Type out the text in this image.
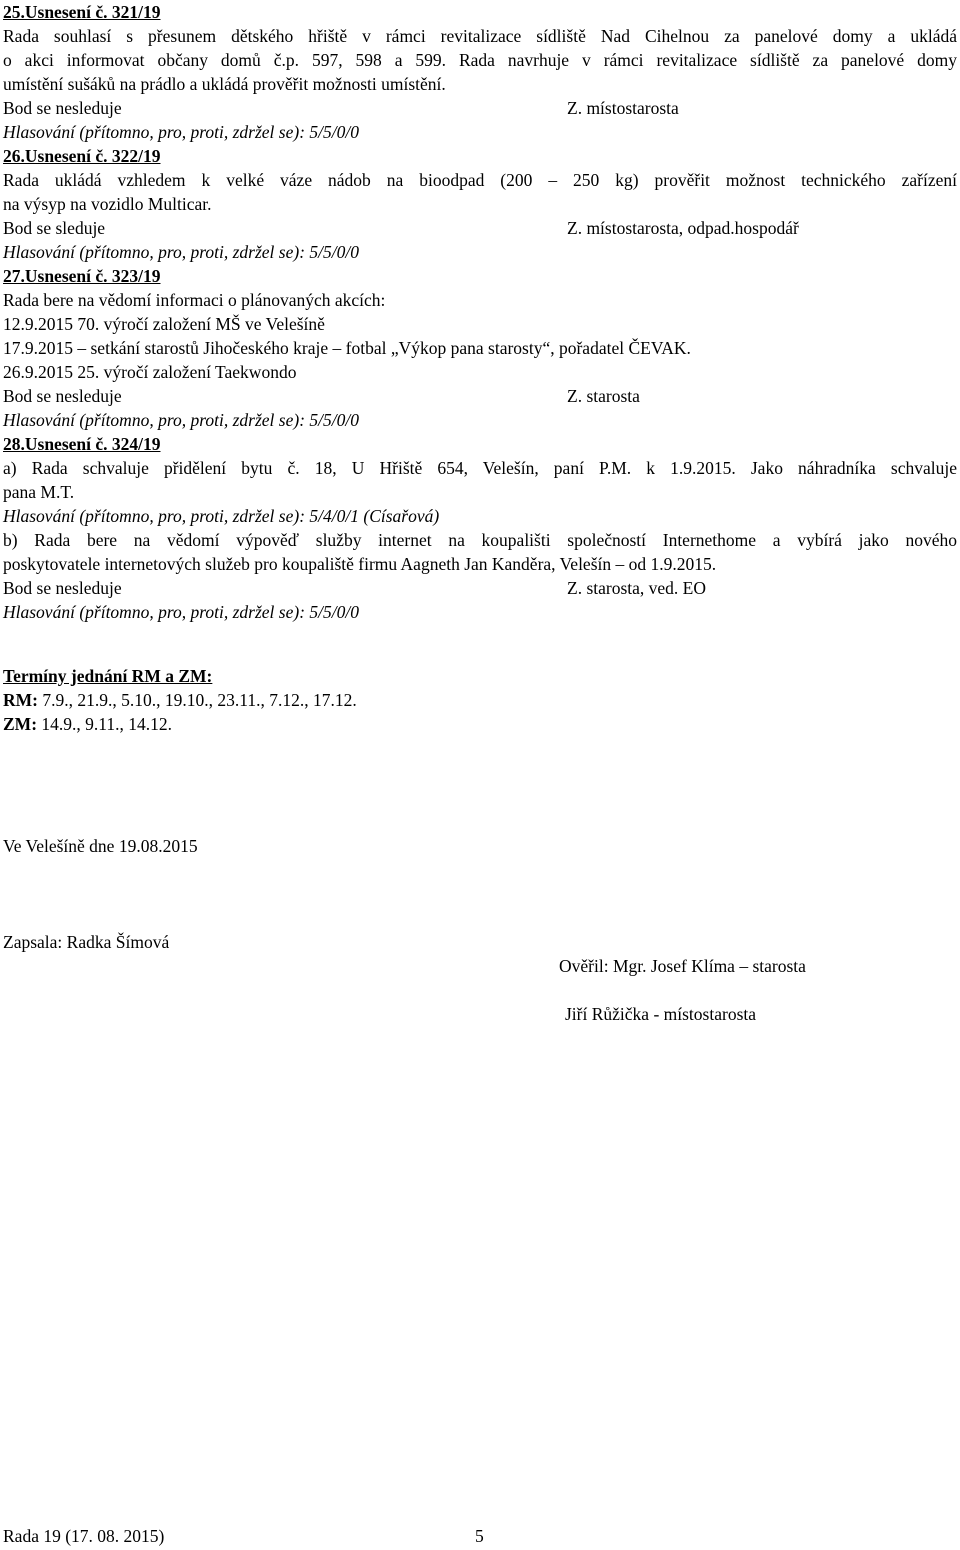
25.Usnesení č. 321/19
Rada souhlasí s přesunem dětského hřiště v rámci revitalizace sídliště Nad Cihelnou za panelové domy a ukládá
o akci informovat občany domů č.p. 597, 598 a 599. Rada navrhuje v rámci revitalizace sídliště za panelové domy
umístění sušáků na prádlo a ukládá prověřit možnosti umístění.
Bod se nesleduje	Z. místostarosta
Hlasování (přítomno, pro, proti, zdržel se): 5/5/0/0
26.Usnesení č. 322/19
Rada ukládá vzhledem k velké váze nádob na bioodpad (200 – 250 kg) prověřit možnost technického zařízení
na výsyp na vozidlo Multicar.
Bod se sleduje	Z. místostarosta, odpad.hospodář
Hlasování (přítomno, pro, proti, zdržel se): 5/5/0/0
27.Usnesení č. 323/19
Rada bere na vědomí informaci o plánovaných akcích:
12.9.2015 70. výročí založení MŠ ve Velešíně
17.9.2015 – setkání starostů Jihočeského kraje – fotbal „Výkop pana starosty“, pořadatel ČEVAK.
26.9.2015 25. výročí založení Taekwondo
Bod se nesleduje	Z. starosta
Hlasování (přítomno, pro, proti, zdržel se): 5/5/0/0
28.Usnesení č. 324/19
a) Rada schvaluje přidělení bytu č. 18, U Hřiště 654, Velešín, paní P.M. k 1.9.2015. Jako náhradníka schvaluje
pana M.T.
Hlasování (přítomno, pro, proti, zdržel se): 5/4/0/1 (Císařová)
b) Rada bere na vědomí výpověď služby internet na koupališti společností Internethome a vybírá jako nového
poskytovatele internetových služeb pro koupaliště firmu Aagneth Jan Kanděra, Velešín – od 1.9.2015.
Bod se nesleduje	Z. starosta, ved. EO
Hlasování (přítomno, pro, proti, zdržel se): 5/5/0/0
Termíny jednání RM a ZM:
RM: 7.9., 21.9., 5.10., 19.10., 23.11., 7.12., 17.12.
ZM: 14.9., 9.11., 14.12.
Ve Velešíně dne 19.08.2015
Zapsala: Radka Šímová
Ověřil: Mgr. Josef Klíma – starosta
Jiří Růžička - místostarosta
Rada 19 (17. 08. 2015)	5
